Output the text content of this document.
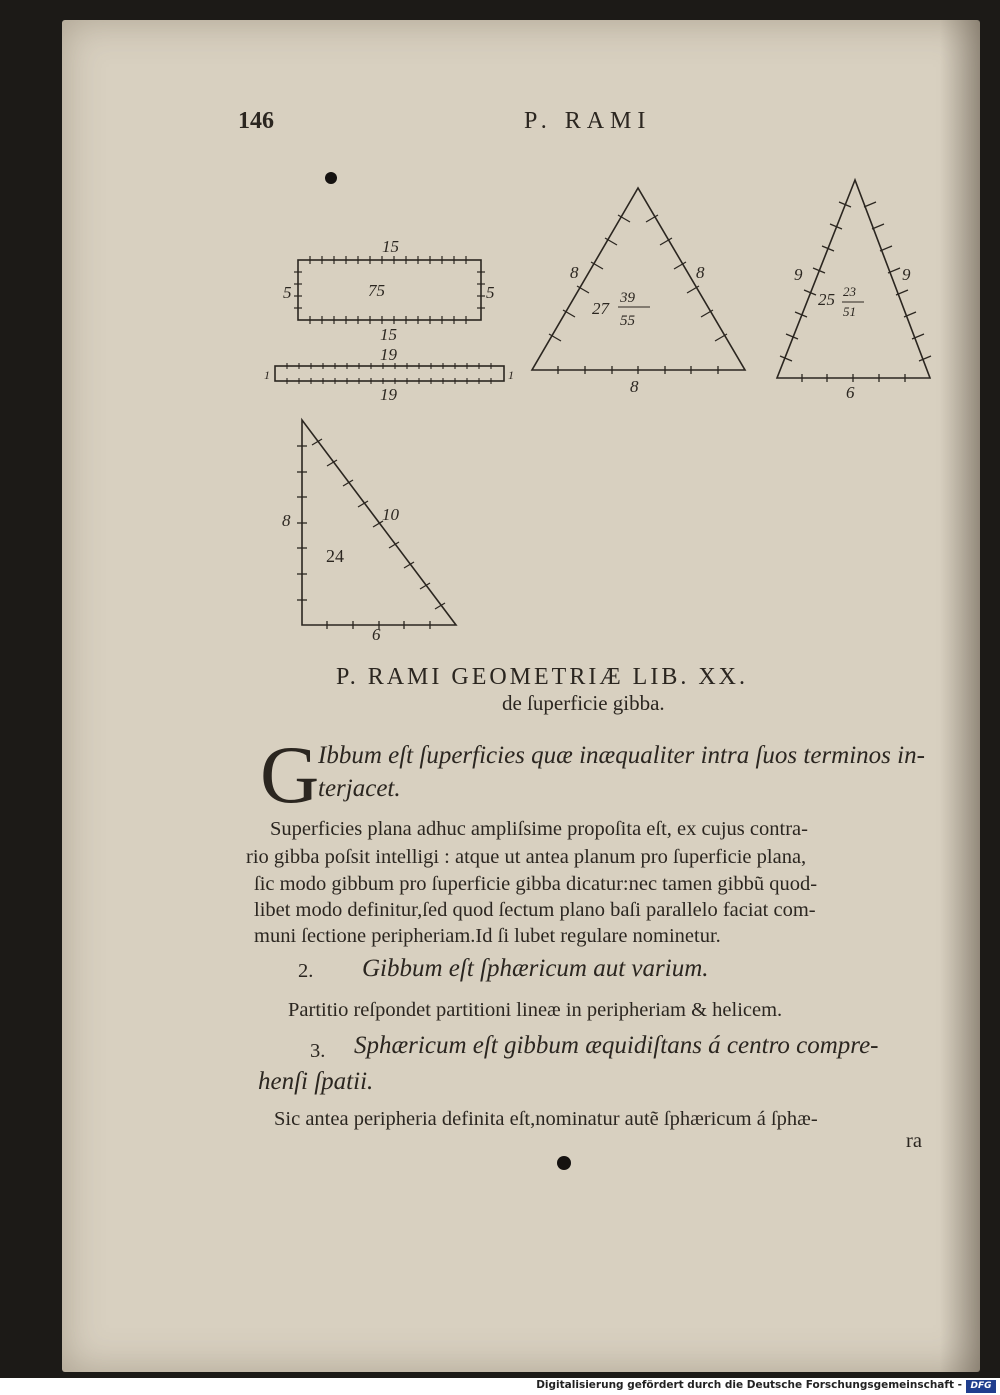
146	P. RAMI
15
15
5	5
75
19
19
1	1
8	8
8
27
39
55
9	9
6
25 23
51
8	10
6
24
P. RAMI GEOMETRIÆ LIB. XX.
de ſuperficie gibba.
G
Ibbum eſt ſuperficies quæ inæqualiter intra ſuos terminos in-
terjacet.
Superficies plana adhuc ampliſsime propoſita eſt, ex cujus contra-
rio gibba poſsit intelligi : atque ut antea planum pro ſuperficie plana,
ſic modo gibbum pro ſuperficie gibba dicatur:nec tamen gibbũ quod-
libet modo definitur,ſed quod ſectum plano baſi parallelo faciat com-
muni ſectione peripheriam.Id ſi lubet regulare nominetur.
2. Gibbum eſt ſphæricum aut varium.
Partitio reſpondet partitioni lineæ in peripheriam & helicem.
3. Sphæricum eſt gibbum æquidiſtans á centro compre-
henſi ſpatii.
Sic antea peripheria definita eſt,nominatur autẽ ſphæricum á ſphæ-
ra
Digitalisierung gefördert durch die Deutsche Forschungsgemeinschaft - DFG
